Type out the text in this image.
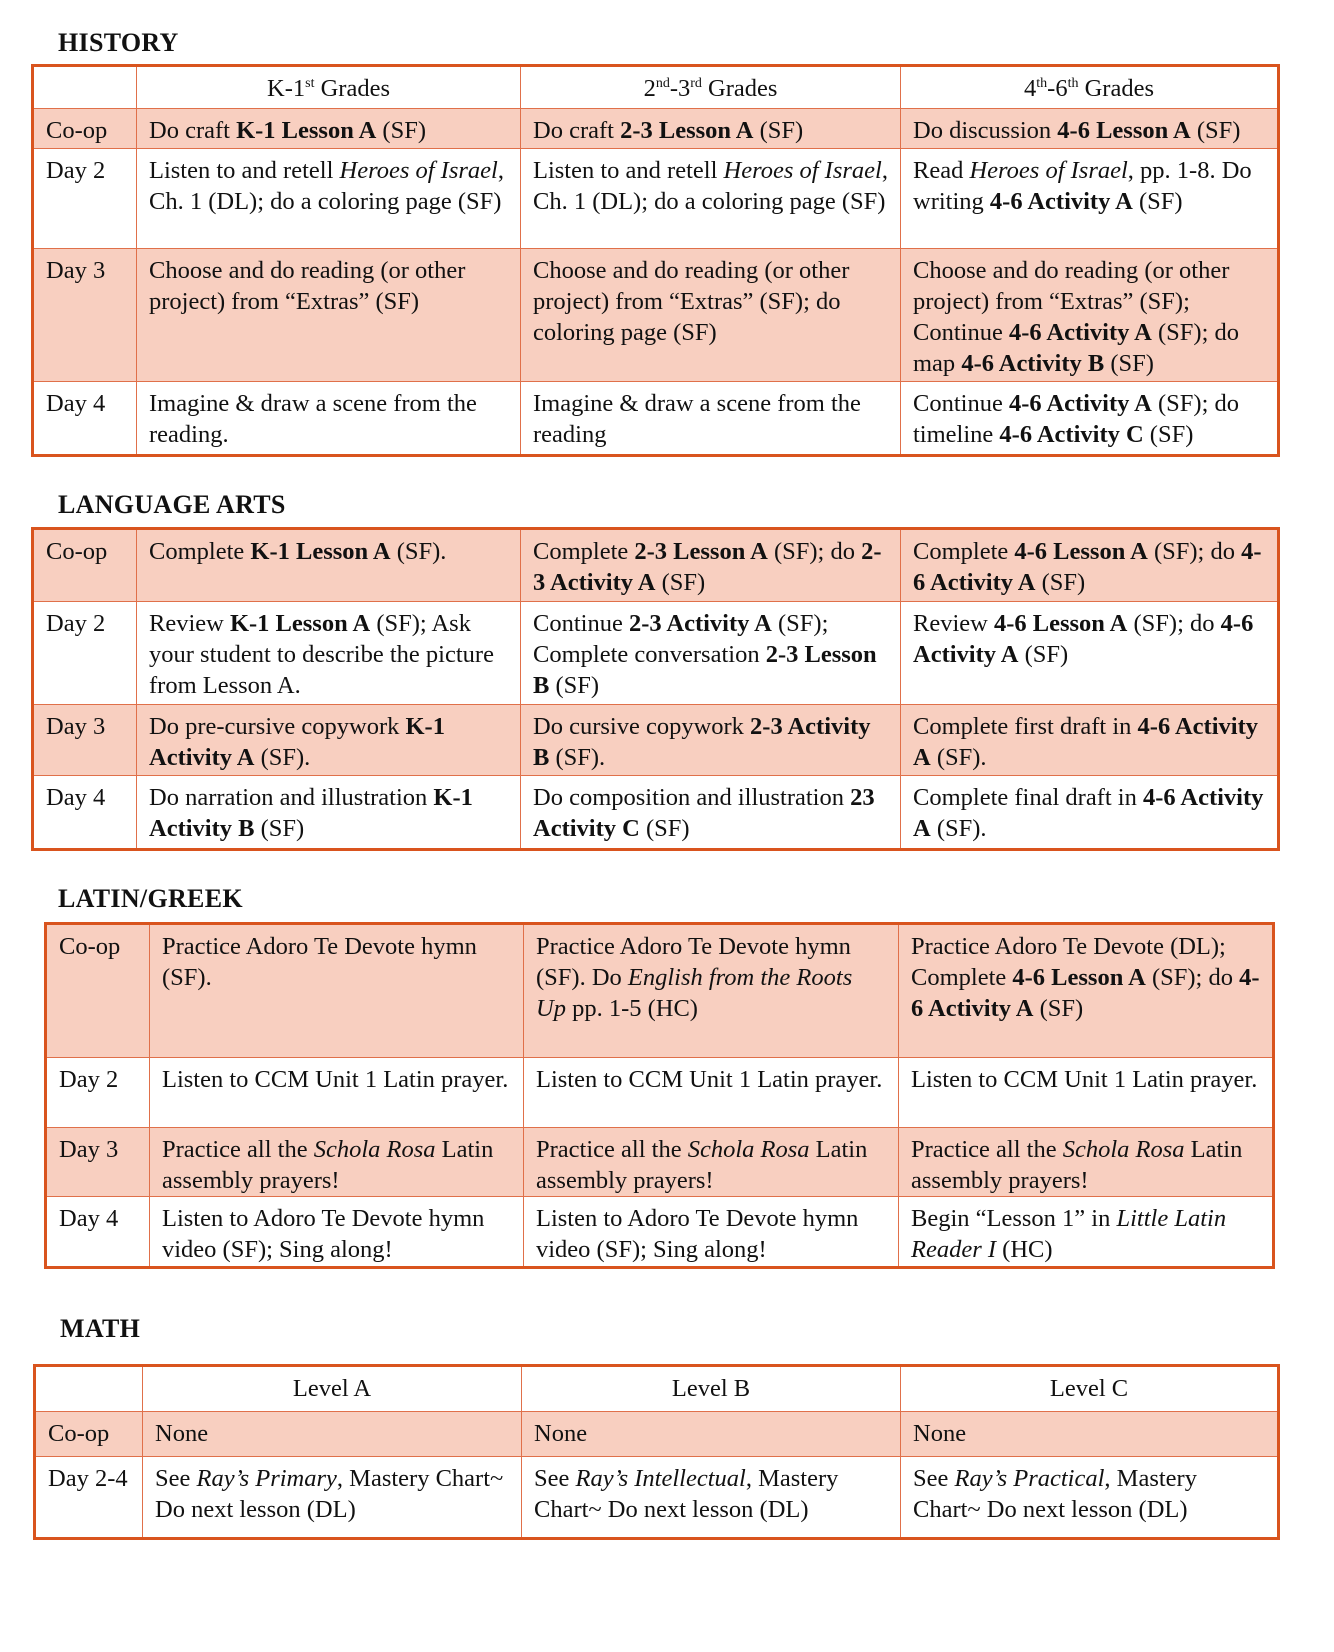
HISTORY
	K-1st Grades	2nd-3rd Grades	4th-6th Grades
Co-op	Do craft K-1 Lesson A (SF)	Do craft 2-3 Lesson A (SF)	Do discussion 4-6 Lesson A (SF)
Day 2	Listen to and retell Heroes of Israel, Ch. 1 (DL); do a coloring page (SF)	Listen to and retell Heroes of Israel, Ch. 1 (DL); do a coloring page (SF)	Read Heroes of Israel, pp. 1-8. Do writing 4-6 Activity A (SF)
Day 3	Choose and do reading (or other project) from “Extras” (SF)	Choose and do reading (or other project) from “Extras” (SF); do coloring page (SF)	Choose and do reading (or other project) from “Extras” (SF); Continue 4-6 Activity A (SF); do map 4-6 Activity B (SF)
Day 4	Imagine & draw a scene from the reading.	Imagine & draw a scene from the reading	Continue 4-6 Activity A (SF); do timeline 4-6 Activity C (SF)
LANGUAGE ARTS
Co-op	Complete K-1 Lesson A (SF).	Complete 2-3 Lesson A (SF); do 2-3 Activity A (SF)	Complete 4-6 Lesson A (SF); do 4-6 Activity A (SF)
Day 2	Review K-1 Lesson A (SF); Ask your student to describe the picture from Lesson A.	Continue 2-3 Activity A (SF); Complete conversation 2-3 Lesson B (SF)	Review 4-6 Lesson A (SF); do 4-6 Activity A (SF)
Day 3	Do pre-cursive copywork K-1 Activity A (SF).	Do cursive copywork 2-3 Activity B (SF).	Complete first draft in 4-6 Activity A (SF).
Day 4	Do narration and illustration K-1 Activity B (SF)	Do composition and illustration 23 Activity C (SF)	Complete final draft in 4-6 Activity A (SF).
LATIN/GREEK
Co-op	Practice Adoro Te Devote hymn (SF).	Practice Adoro Te Devote hymn (SF). Do English from the Roots Up pp. 1-5 (HC)	Practice Adoro Te Devote (DL); Complete 4-6 Lesson A (SF); do 4-6 Activity A (SF)
Day 2	Listen to CCM Unit 1 Latin prayer.	Listen to CCM Unit 1 Latin prayer.	Listen to CCM Unit 1 Latin prayer.
Day 3	Practice all the Schola Rosa Latin assembly prayers!	Practice all the Schola Rosa Latin assembly prayers!	Practice all the Schola Rosa Latin assembly prayers!
Day 4	Listen to Adoro Te Devote hymn video (SF); Sing along!	Listen to Adoro Te Devote hymn video (SF); Sing along!	Begin “Lesson 1” in Little Latin Reader I (HC)
MATH
	Level A	Level B	Level C
Co-op	None	None	None
Day 2-4	See Ray’s Primary, Mastery Chart~ Do next lesson (DL)	See Ray’s Intellectual, Mastery Chart~ Do next lesson (DL)	See Ray’s Practical, Mastery Chart~ Do next lesson (DL)
